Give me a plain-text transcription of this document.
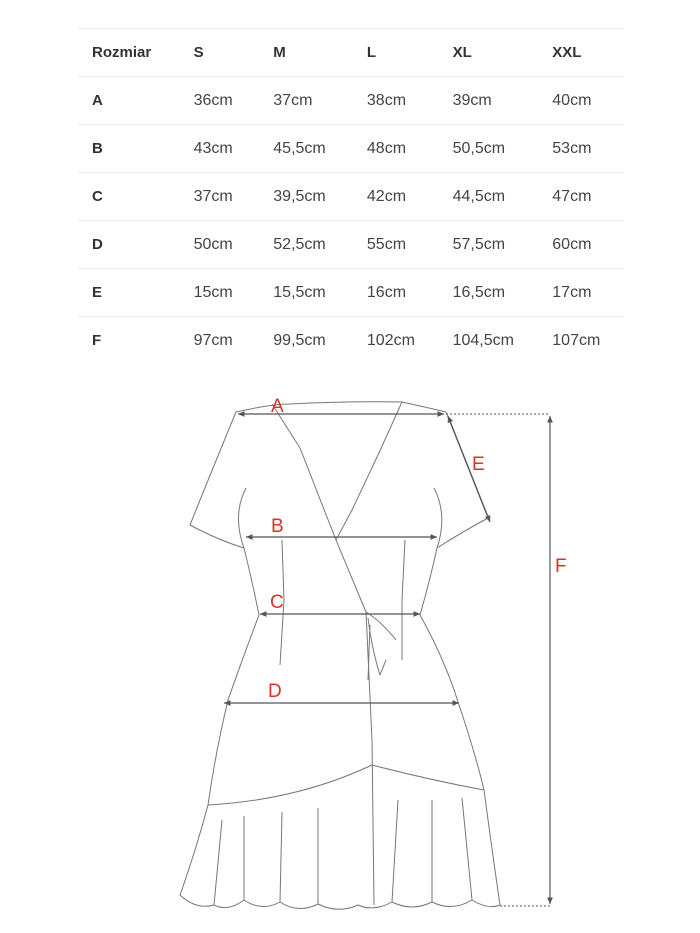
Rozmiar	S	M	L	XL	XXL
A	36cm	37cm	38cm	39cm	40cm
B	43cm	45,5cm	48cm	50,5cm	53cm
C	37cm	39,5cm	42cm	44,5cm	47cm
D	50cm	52,5cm	55cm	57,5cm	60cm
E	15cm	15,5cm	16cm	16,5cm	17cm
F	97cm	99,5cm	102cm	104,5cm	107cm
A
B
C
D
E
F
